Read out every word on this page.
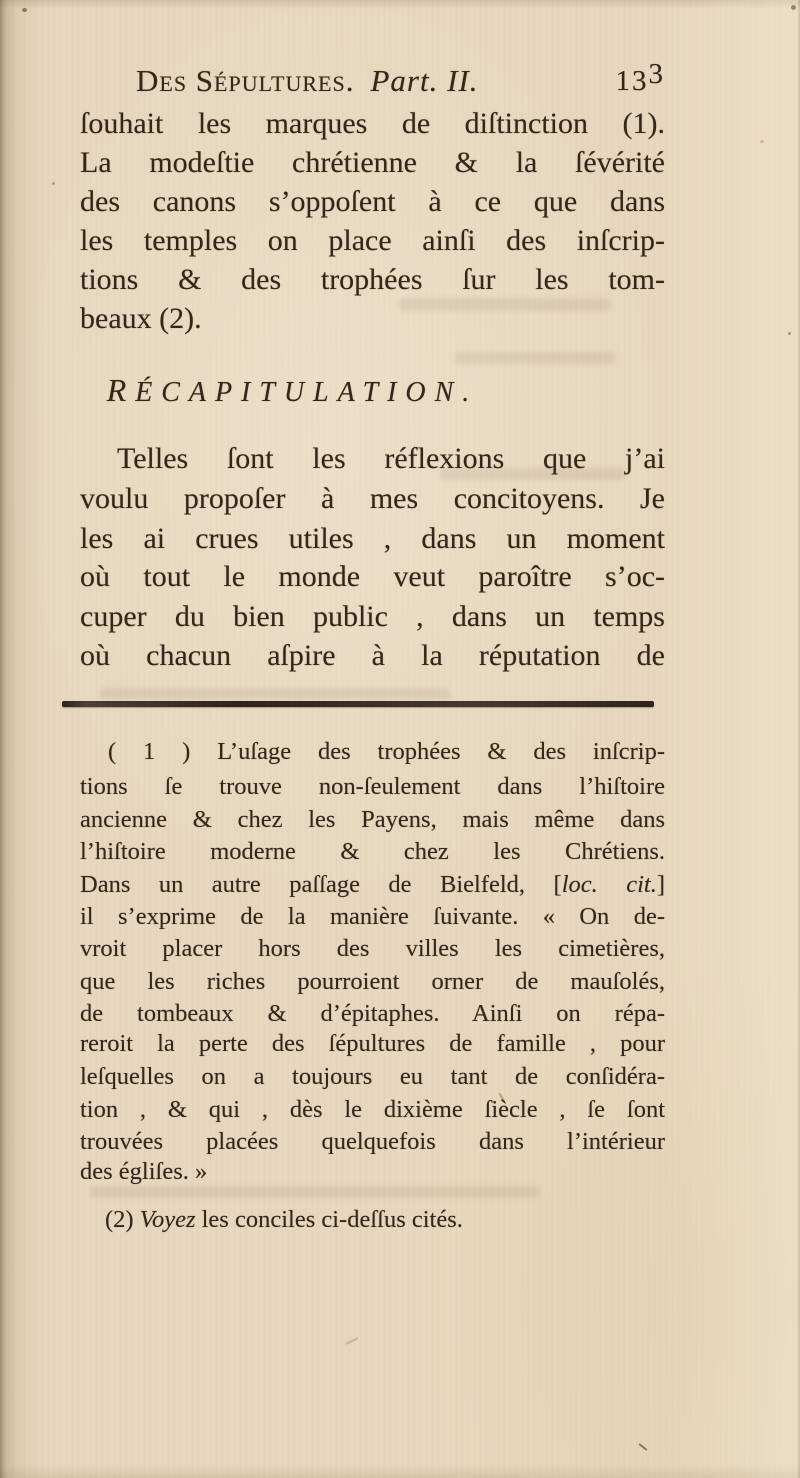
Des Sépultures. Part. II.	133
ſouhait les marques de diſtinction (1).
La modeſtie chrétienne & la ſévérité
des canons s’oppoſent à ce que dans
les temples on place ainſi des inſcrip-
tions & des trophées ſur les tom-
beaux (2).
RÉCAPITULATION.
Telles ſont les réflexions que j’ai
voulu propoſer à mes concitoyens. Je
les ai crues utiles , dans un moment
où tout le monde veut paroître s’oc-
cuper du bien public , dans un temps
où chacun aſpire à la réputation de
( 1 ) L’uſage des trophées & des inſcrip-
tions ſe trouve non-ſeulement dans l’hiſtoire
ancienne & chez les Payens, mais même dans
l’hiſtoire moderne & chez les Chrétiens.
Dans un autre paſſage de Bielfeld, [loc. cit.]
il s’exprime de la manière ſuivante. « On de-
vroit placer hors des villes les cimetières,
que les riches pourroient orner de mauſolés,
de tombeaux & d’épitaphes. Ainſi on répa-
reroit la perte des ſépultures de famille , pour
leſquelles on a toujours eu tant de conſidéra-
tion , & qui , dès le dixième ſiècle , ſe ſont
trouvées placées quelquefois dans l’intérieur
des égliſes. »
(2) Voyez les conciles ci-deſſus cités.
